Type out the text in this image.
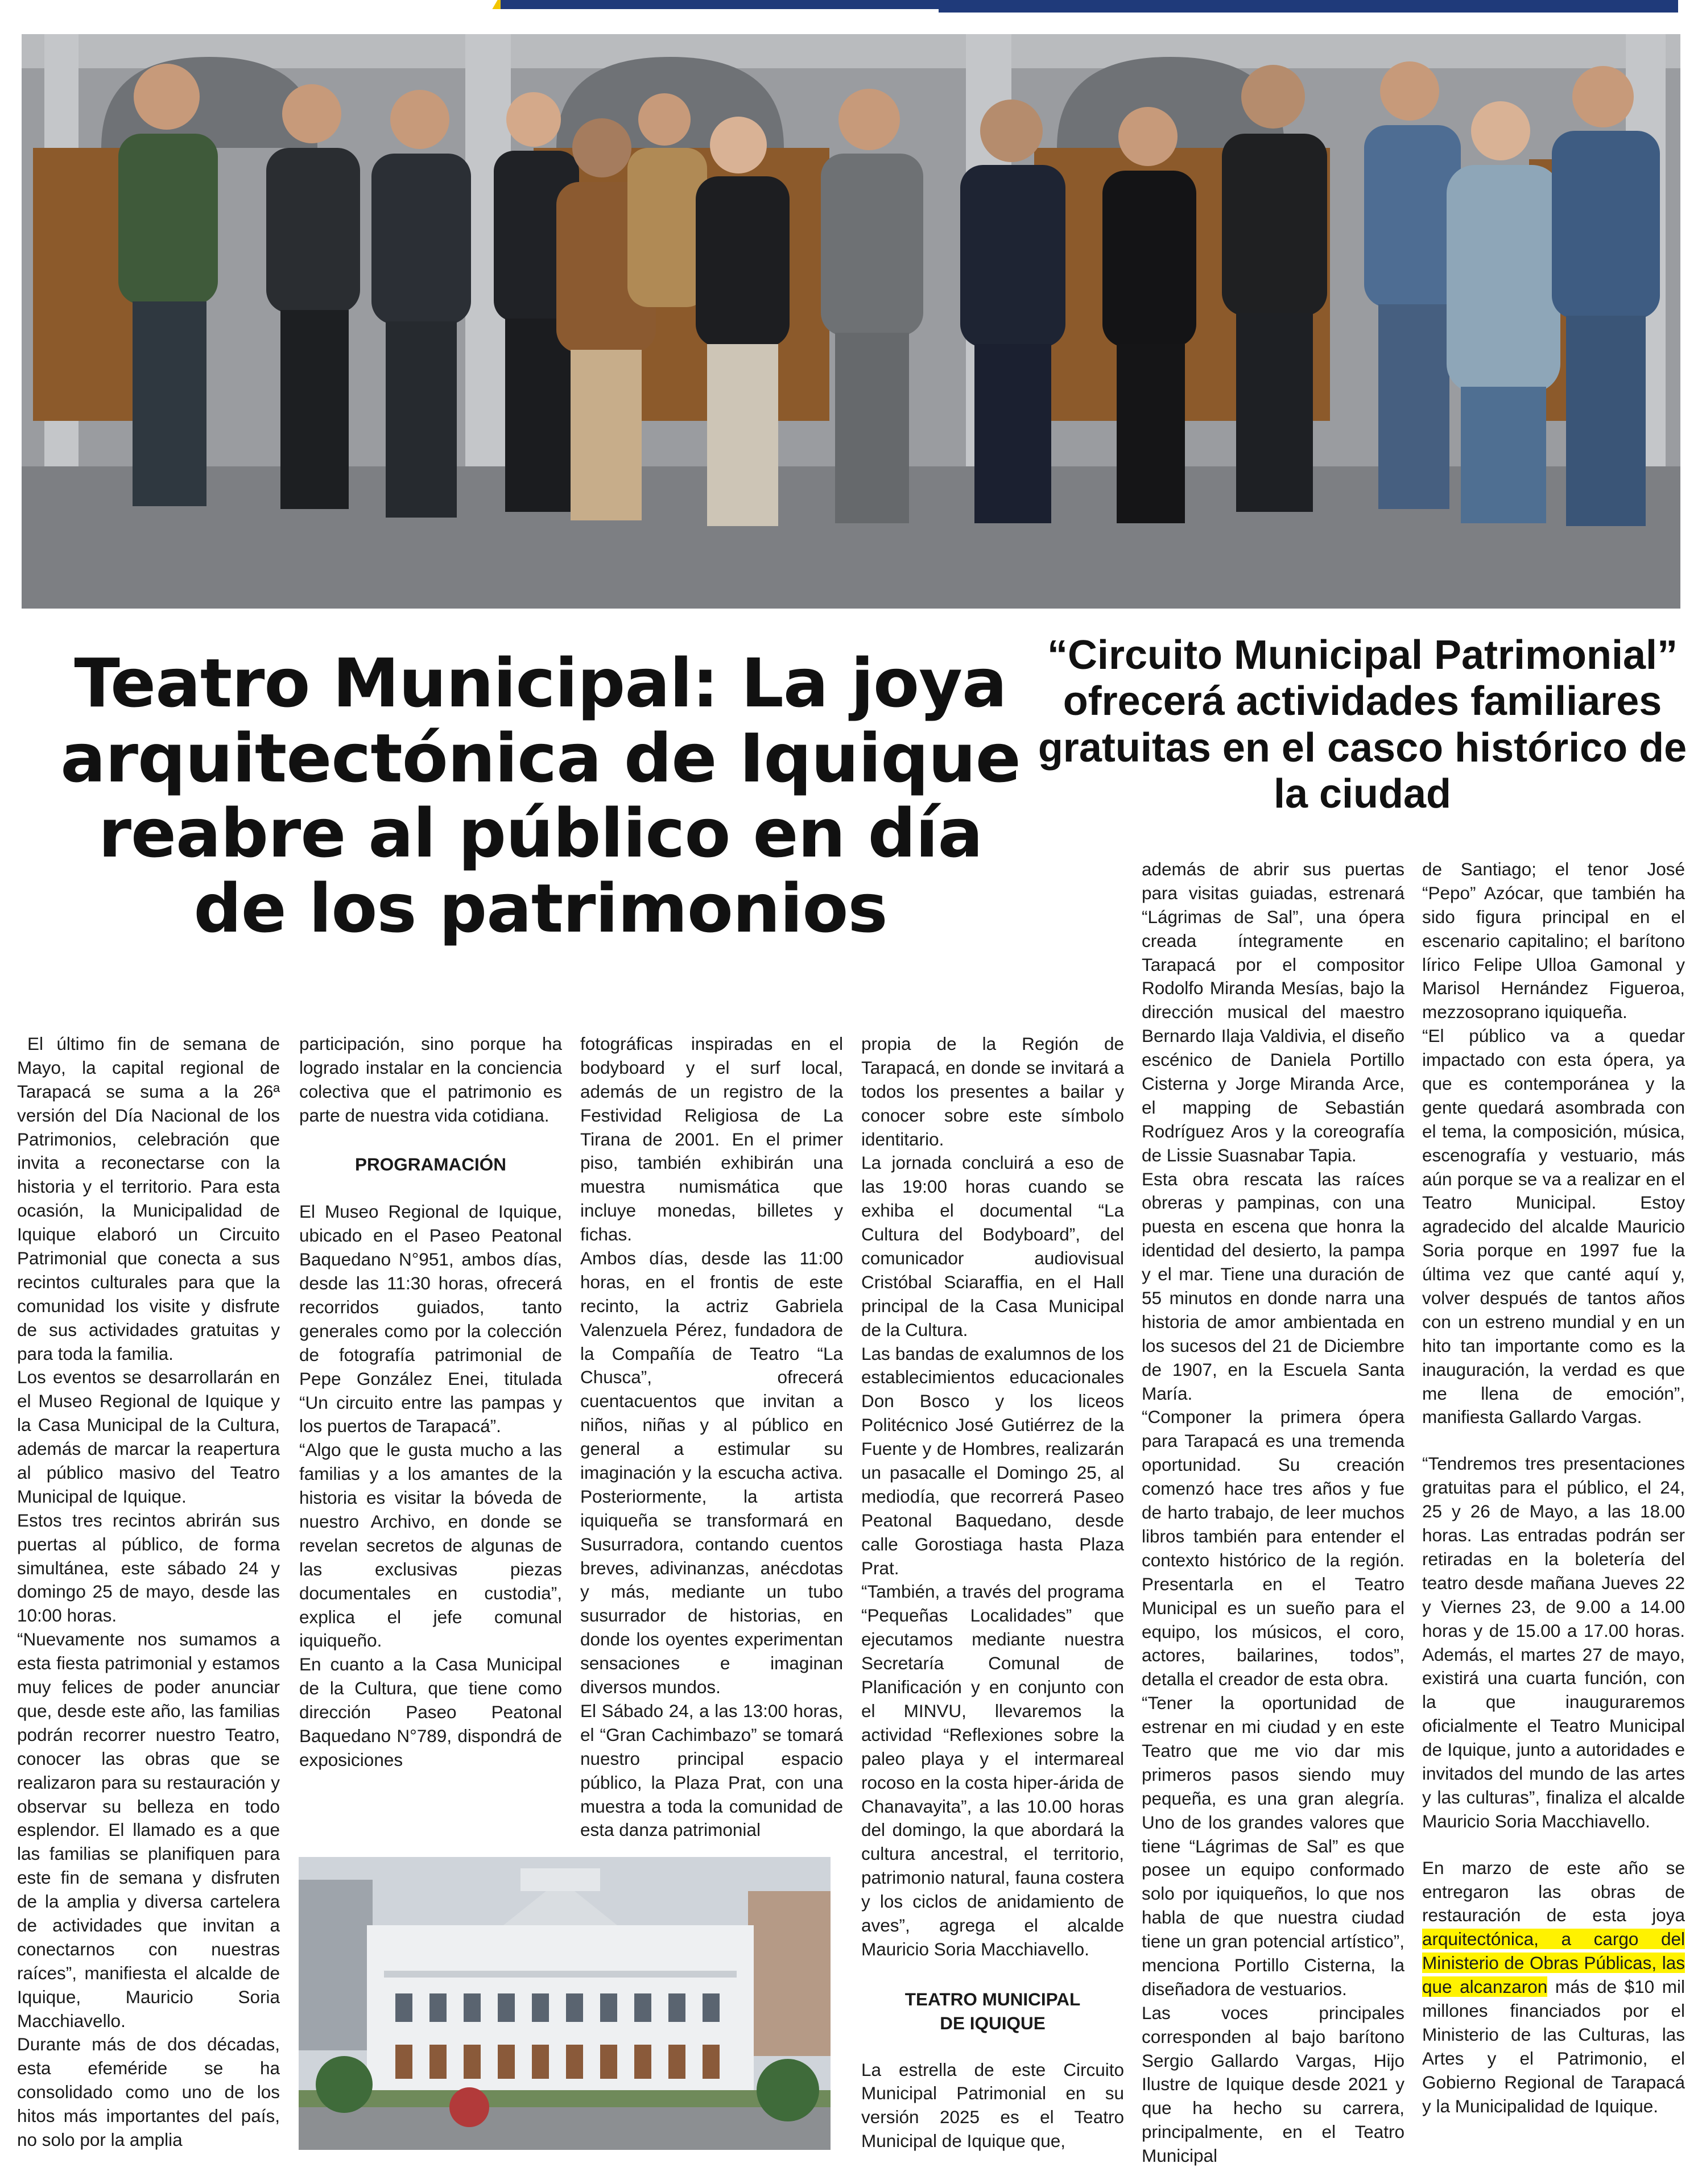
Teatro Municipal: La joya arquitectónica de Iquique reabre al público en día de los patrimonios
“Circuito Municipal Patrimonial” ofrecerá actividades familiares gratuitas en el casco histórico de la ciudad

El último fin de semana de Mayo, la capital regional de Tarapacá se suma a la 26ª versión del Día Nacional de los Patrimonios, celebración que invita a reconectarse con la historia y el territorio. Para esta ocasión, la Municipalidad de Iquique elaboró un Circuito Patrimonial que conecta a sus recintos culturales para que la comunidad los visite y disfrute de sus actividades gratuitas y para toda la familia.

Los eventos se desarrollarán en el Museo Regional de Iquique y la Casa Municipal de la Cultura, además de marcar la reapertura al público masivo del Teatro Municipal de Iquique.

Estos tres recintos abrirán sus puertas al público, de forma simultánea, este sábado 24 y domingo 25 de mayo, desde las 10:00 horas.

“Nuevamente nos sumamos a esta fiesta patrimonial y estamos muy felices de poder anunciar que, desde este año, las familias podrán recorrer nuestro Teatro, conocer las obras que se realizaron para su restauración y observar su belleza en todo esplendor. El llamado es a que las familias se planifiquen para este fin de semana y disfruten de la amplia y diversa cartelera de actividades que invitan a conectarnos con nuestras raíces”, manifiesta el alcalde de Iquique, Mauricio Soria Macchiavello.

Durante más de dos décadas, esta efeméride se ha consolidado como uno de los hitos más importantes del país, no solo por la amplia

participación, sino porque ha logrado instalar en la conciencia colectiva que el patrimonio es parte de nuestra vida cotidiana.

PROGRAMACIÓN

El Museo Regional de Iquique, ubicado en el Paseo Peatonal Baquedano N°951, ambos días, desde las 11:30 horas, ofrecerá recorridos guiados, tanto generales como por la colección de fotografía patrimonial de Pepe González Enei, titulada “Un circuito entre las pampas y los puertos de Tarapacá”.

“Algo que le gusta mucho a las familias y a los amantes de la historia es visitar la bóveda de nuestro Archivo, en donde se revelan secretos de algunas de las exclusivas piezas documentales en custodia”, explica el jefe comunal iquiqueño.

En cuanto a la Casa Municipal de la Cultura, que tiene como dirección Paseo Peatonal Baquedano N°789, dispondrá de exposiciones

fotográficas inspiradas en el bodyboard y el surf local, además de un registro de la Festividad Religiosa de La Tirana de 2001. En el primer piso, también exhibirán una muestra numismática que incluye monedas, billetes y fichas.

Ambos días, desde las 11:00 horas, en el frontis de este recinto, la actriz Gabriela Valenzuela Pérez, fundadora de la Compañía de Teatro “La Chusca”, ofrecerá cuentacuentos que invitan a niños, niñas y al público en general a estimular su imaginación y la escucha activa. Posteriormente, la artista iquiqueña se transformará en Susurradora, contando cuentos breves, adivinanzas, anécdotas y más, mediante un tubo susurrador de historias, en donde los oyentes experimentan sensaciones e imaginan diversos mundos.

El Sábado 24, a las 13:00 horas, el “Gran Cachimbazo” se tomará nuestro principal espacio público, la Plaza Prat, con una muestra a toda la comunidad de esta danza patrimonial

propia de la Región de Tarapacá, en donde se invitará a todos los presentes a bailar y conocer sobre este símbolo identitario.

La jornada concluirá a eso de las 19:00 horas cuando se exhiba el documental “La Cultura del Bodyboard”, del comunicador audiovisual Cristóbal Sciaraffia, en el Hall principal de la Casa Municipal de la Cultura.

Las bandas de exalumnos de los establecimientos educacionales Don Bosco y los liceos Politécnico José Gutiérrez de la Fuente y de Hombres, realizarán un pasacalle el Domingo 25, al mediodía, que recorrerá Paseo Peatonal Baquedano, desde calle Gorostiaga hasta Plaza Prat.

“También, a través del programa “Pequeñas Localidades” que ejecutamos mediante nuestra Secretaría Comunal de Planificación y en conjunto con el MINVU, llevaremos la actividad “Reflexiones sobre la paleo playa y el intermareal rocoso en la costa hiper-árida de Chanavayita”, a las 10.00 horas del domingo, la que abordará la cultura ancestral, el territorio, patrimonio natural, fauna costera y los ciclos de anidamiento de aves”, agrega el alcalde Mauricio Soria Macchiavello.

TEATRO MUNICIPAL
DE IQUIQUE

La estrella de este Circuito Municipal Patrimonial en su versión 2025 es el Teatro Municipal de Iquique que,

además de abrir sus puertas para visitas guiadas, estrenará “Lágrimas de Sal”, una ópera creada íntegramente en Tarapacá por el compositor Rodolfo Miranda Mesías, bajo la dirección musical del maestro Bernardo Ilaja Valdivia, el diseño escénico de Daniela Portillo Cisterna y Jorge Miranda Arce, el mapping de Sebastián Rodríguez Aros y la coreografía de Lissie Suasnabar Tapia.

Esta obra rescata las raíces obreras y pampinas, con una puesta en escena que honra la identidad del desierto, la pampa y el mar. Tiene una duración de 55 minutos en donde narra una historia de amor ambientada en los sucesos del 21 de Diciembre de 1907, en la Escuela Santa María.

“Componer la primera ópera para Tarapacá es una tremenda oportunidad. Su creación comenzó hace tres años y fue de harto trabajo, de leer muchos libros también para entender el contexto histórico de la región. Presentarla en el Teatro Municipal es un sueño para el equipo, los músicos, el coro, actores, bailarines, todos”, detalla el creador de esta obra.

“Tener la oportunidad de estrenar en mi ciudad y en este Teatro que me vio dar mis primeros pasos siendo muy pequeña, es una gran alegría. Uno de los grandes valores que tiene “Lágrimas de Sal” es que posee un equipo conformado solo por iquiqueños, lo que nos habla de que nuestra ciudad tiene un gran potencial artístico”, menciona Portillo Cisterna, la diseñadora de vestuarios.

Las voces principales corresponden al bajo barítono Sergio Gallardo Vargas, Hijo Ilustre de Iquique desde 2021 y que ha hecho su carrera, principalmente, en el Teatro Municipal

de Santiago; el tenor José “Pepo” Azócar, que también ha sido figura principal en el escenario capitalino; el barítono lírico Felipe Ulloa Gamonal y Marisol Hernández Figueroa, mezzosoprano iquiqueña.

“El público va a quedar impactado con esta ópera, ya que es contemporánea y la gente quedará asombrada con el tema, la composición, música, escenografía y vestuario, más aún porque se va a realizar en el Teatro Municipal. Estoy agradecido del alcalde Mauricio Soria porque en 1997 fue la última vez que canté aquí y, volver después de tantos años con un estreno mundial y en un hito tan importante como es la inauguración, la verdad es que me llena de emoción”, manifiesta Gallardo Vargas.

“Tendremos tres presentaciones gratuitas para el público, el 24, 25 y 26 de Mayo, a las 18.00 horas. Las entradas podrán ser retiradas en la boletería del teatro desde mañana Jueves 22 y Viernes 23, de 9.00 a 14.00 horas y de 15.00 a 17.00 horas. Además, el martes 27 de mayo, existirá una cuarta función, con la que inauguraremos oficialmente el Teatro Municipal de Iquique, junto a autoridades e invitados del mundo de las artes y las culturas”, finaliza el alcalde Mauricio Soria Macchiavello.

En marzo de este año se entregaron las obras de restauración de esta joya arquitectónica, a cargo del Ministerio de Obras Públicas, las que alcanzaron más de $10 mil millones financiados por el Ministerio de las Culturas, las Artes y el Patrimonio, el Gobierno Regional de Tarapacá y la Municipalidad de Iquique.
